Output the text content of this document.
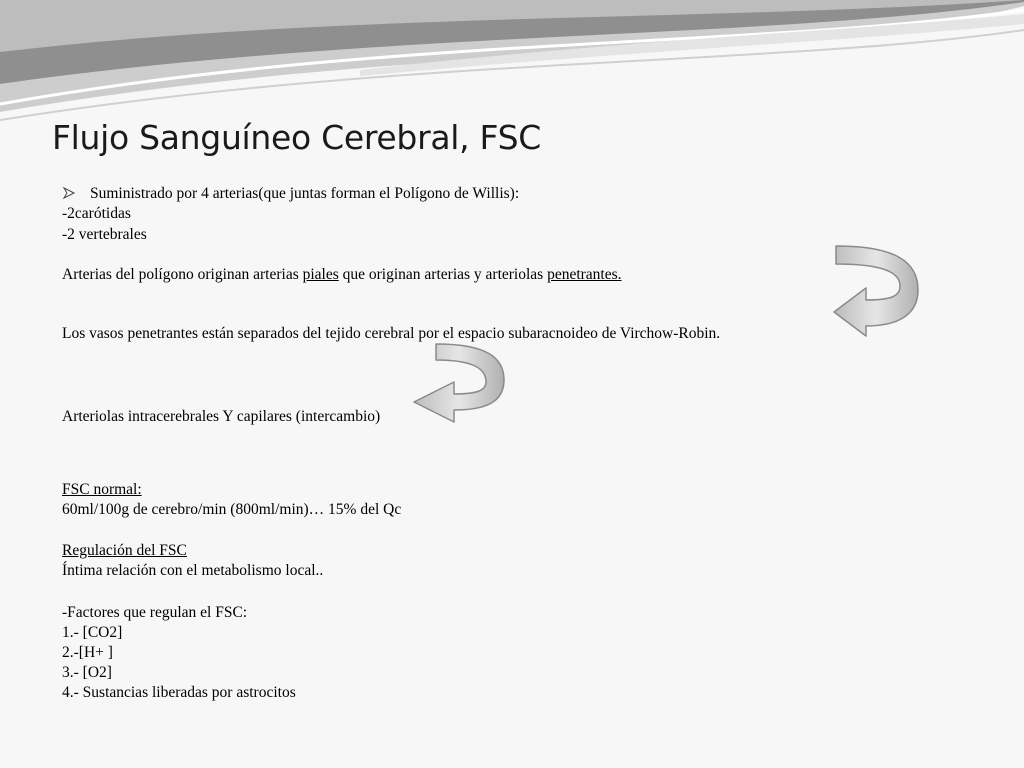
Flujo Sanguíneo Cerebral, FSC
Suministrado por 4 arterias(que juntas forman el Polígono de Willis):
-2carótidas
-2 vertebrales
Arterias del polígono originan arterias piales que originan arterias y arteriolas penetrantes.
Los vasos penetrantes están separados del tejido cerebral por el espacio subaracnoideo de Virchow-Robin.
Arteriolas intracerebrales Y capilares (intercambio)
FSC normal:
60ml/100g de cerebro/min (800ml/min)… 15% del Qc
Regulación del FSC
Íntima relación con el metabolismo local..
-Factores que regulan el FSC:
1.- [CO2]
2.-[H+ ]
3.- [O2]
4.- Sustancias liberadas por astrocitos
